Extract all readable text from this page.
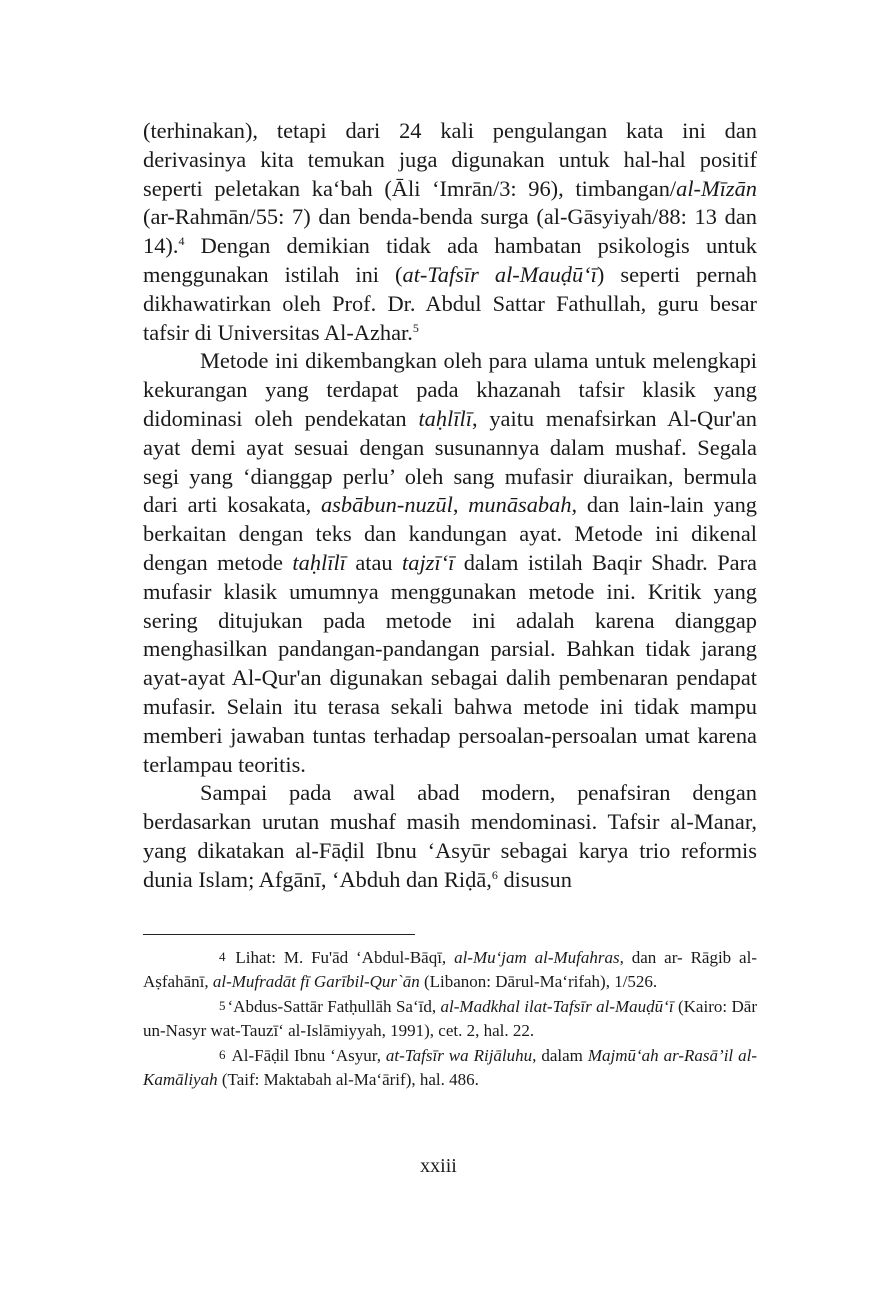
(terhinakan), tetapi dari 24 kali pengulangan kata ini dan derivasinya kita temukan juga digunakan untuk hal-hal positif seperti peletakan ka‘bah (Āli ‘Imrān/3: 96), timbangan/al-Mīzān (ar-Rahmān/55: 7) dan benda-benda surga (al-Gāsyiyah/88: 13 dan 14).$^4$ Dengan demikian tidak ada hambatan psikologis untuk menggunakan istilah ini (at-Tafsīr al-Mauḍū‘ī) seperti pernah dikhawatirkan oleh Prof. Dr. Abdul Sattar Fathullah, guru besar tafsir di Universitas Al-Azhar.$^5$

Metode ini dikembangkan oleh para ulama untuk melengkapi kekurangan yang terdapat pada khazanah tafsir klasik yang didominasi oleh pendekatan taḥlīlī, yaitu menafsirkan Al-Qur'an ayat demi ayat sesuai dengan susunannya dalam mushaf. Segala segi yang ‘dianggap perlu’ oleh sang mufasir diuraikan, bermula dari arti kosakata, asbābun-nuzūl, munāsabah, dan lain-lain yang berkaitan dengan teks dan kandungan ayat. Metode ini dikenal dengan metode taḥlīlī atau tajzī‘ī dalam istilah Baqir Shadr. Para mufasir klasik umumnya menggunakan metode ini. Kritik yang sering ditujukan pada metode ini adalah karena dianggap menghasilkan pandangan-pandangan parsial. Bahkan tidak jarang ayat-ayat Al-Qur'an digunakan sebagai dalih pembenaran pendapat mufasir. Selain itu terasa sekali bahwa metode ini tidak mampu memberi jawaban tuntas terhadap persoalan-persoalan umat karena terlampau teoritis.

Sampai pada awal abad modern, penafsiran dengan berdasarkan urutan mushaf masih mendominasi. Tafsir al-Manar, yang dikatakan al-Fāḍil Ibnu ‘Asyūr sebagai karya trio reformis dunia Islam; Afgānī, ‘Abduh dan Riḍā,$^6$ disusun

4 Lihat: M. Fu'ād ‘Abdul-Bāqī, al-Mu‘jam al-Mufahras, dan ar- Rāgib al-Aṣfahānī, al-Mufradāt fī Garībil-Qur`ān (Libanon: Dārul-Ma‘rifah), 1/526.

5 ‘Abdus-Sattār Fatḥullāh Sa‘īd, al-Madkhal ilat-Tafsīr al-Mauḍū‘ī (Kairo: Dār un-Nasyr wat-Tauzī‘ al-Islāmiyyah, 1991), cet. 2, hal. 22.

6 Al-Fāḍil Ibnu ‘Asyur, at-Tafsīr wa Rijāluhu, dalam Majmū‘ah ar-Rasā’il al-Kamāliyah (Taif: Maktabah al-Ma‘ārif), hal. 486.

xxiii
